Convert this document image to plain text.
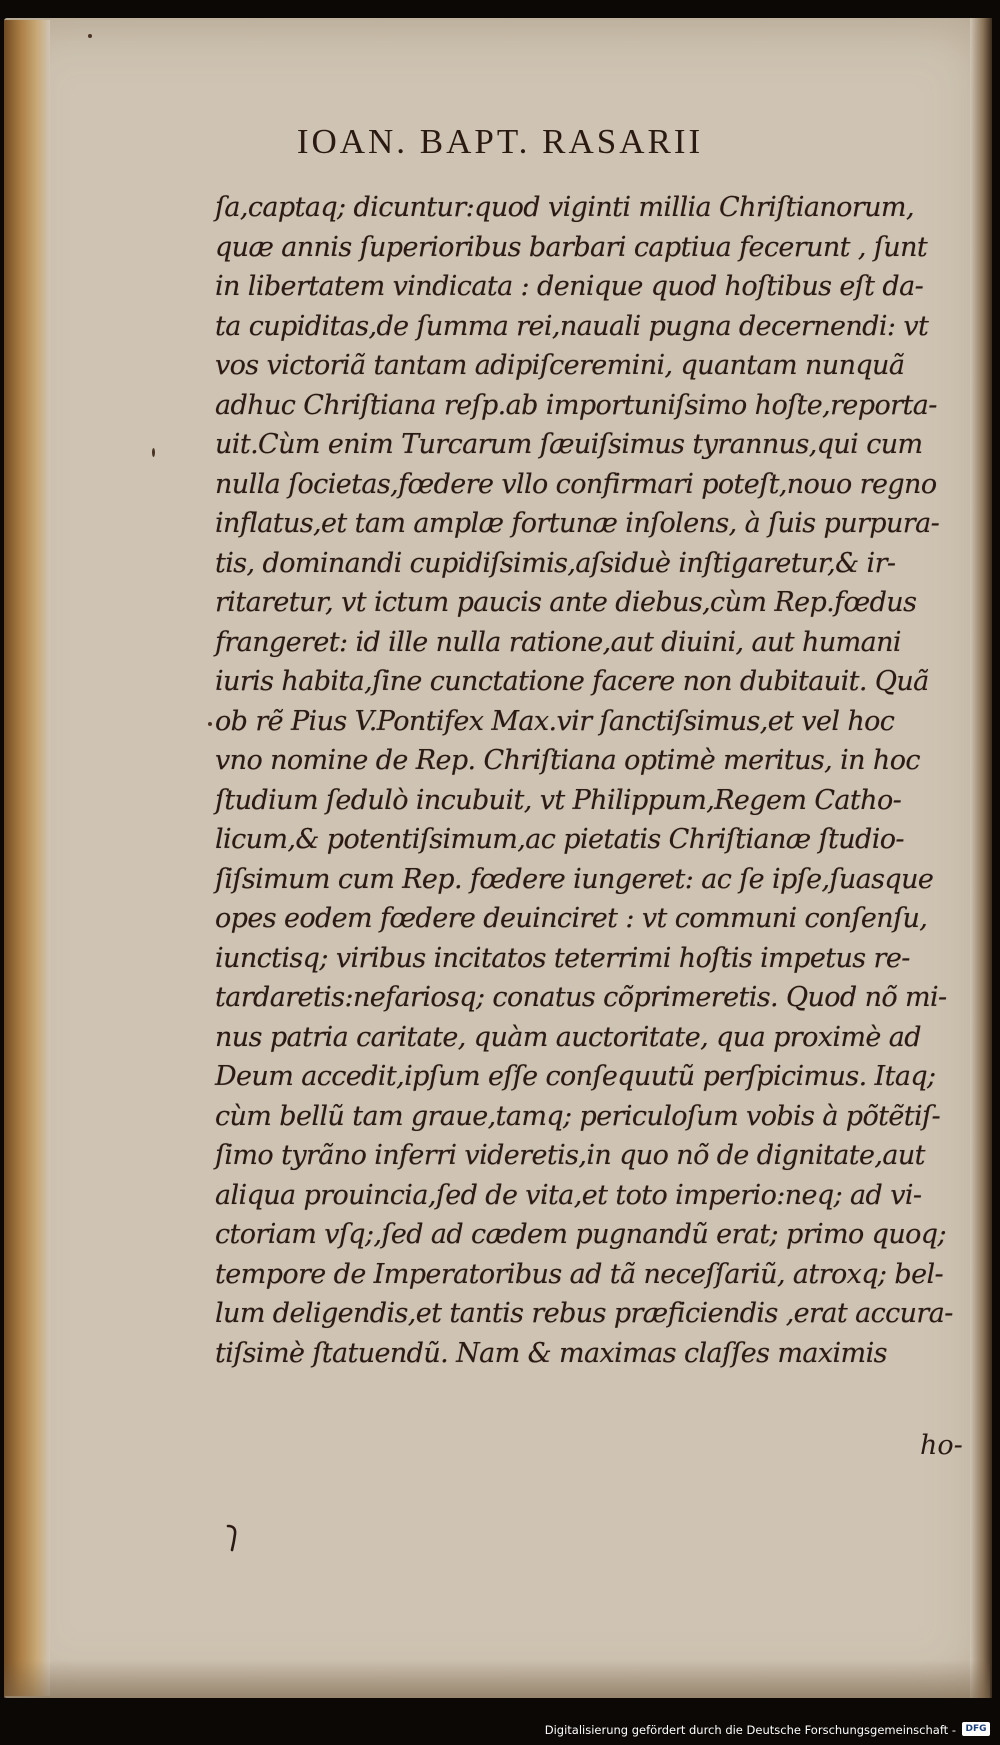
IOAN. BAPT. RASARII
ſa,captaq; dicuntur:quod viginti millia Chriſtianorum,
quæ annis ſuperioribus barbari captiua fecerunt , ſunt
in libertatem vindicata : denique quod hoſtibus eſt da-
ta cupiditas,de ſumma rei,nauali pugna decernendi: vt
vos victoriã tantam adipiſceremini, quantam nunquã
adhuc Chriſtiana reſp.ab importuniſsimo hoſte,reporta-
uit.Cùm enim Turcarum ſæuiſsimus tyrannus,qui cum
nulla ſocietas,fœdere vllo confirmari poteſt,nouo regno
inflatus,et tam amplæ fortunæ inſolens, à ſuis purpura-
tis, dominandi cupidiſsimis,aſsiduè inſtigaretur,& ir-
ritaretur, vt ictum paucis ante diebus,cùm Rep.fœdus
frangeret: id ille nulla ratione,aut diuini, aut humani
iuris habita,ſine cunctatione facere non dubitauit. Quã
ob rẽ Pius V.Pontifex Max.vir ſanctiſsimus,et vel hoc
vno nomine de Rep. Chriſtiana optimè meritus, in hoc
ſtudium ſedulò incubuit, vt Philippum,Regem Catho-
licum,& potentiſsimum,ac pietatis Chriſtianæ ſtudio-
ſiſsimum cum Rep. fœdere iungeret: ac ſe ipſe,ſuasque
opes eodem fœdere deuinciret : vt communi conſenſu,
iunctisq; viribus incitatos teterrimi hoſtis impetus re-
tardaretis:nefariosq; conatus cõprimeretis. Quod nõ mi-
nus patria caritate, quàm auctoritate, qua proximè ad
Deum accedit,ipſum eſſe conſequutũ perſpicimus. Itaq;
cùm bellũ tam graue,tamq; periculoſum vobis à põtẽtiſ-
ſimo tyrãno inferri videretis,in quo nõ de dignitate,aut
aliqua prouincia,ſed de vita,et toto imperio:neq; ad vi-
ctoriam vſq;,ſed ad cædem pugnandũ erat; primo quoq;
tempore de Imperatoribus ad tã neceſſariũ, atroxq; bel-
lum deligendis,et tantis rebus præficiendis ,erat accura-
tiſsimè ſtatuendũ. Nam & maximas claſſes maximis
ho-
Digitalisierung gefördert durch die Deutsche Forschungsgemeinschaft -	DFG
